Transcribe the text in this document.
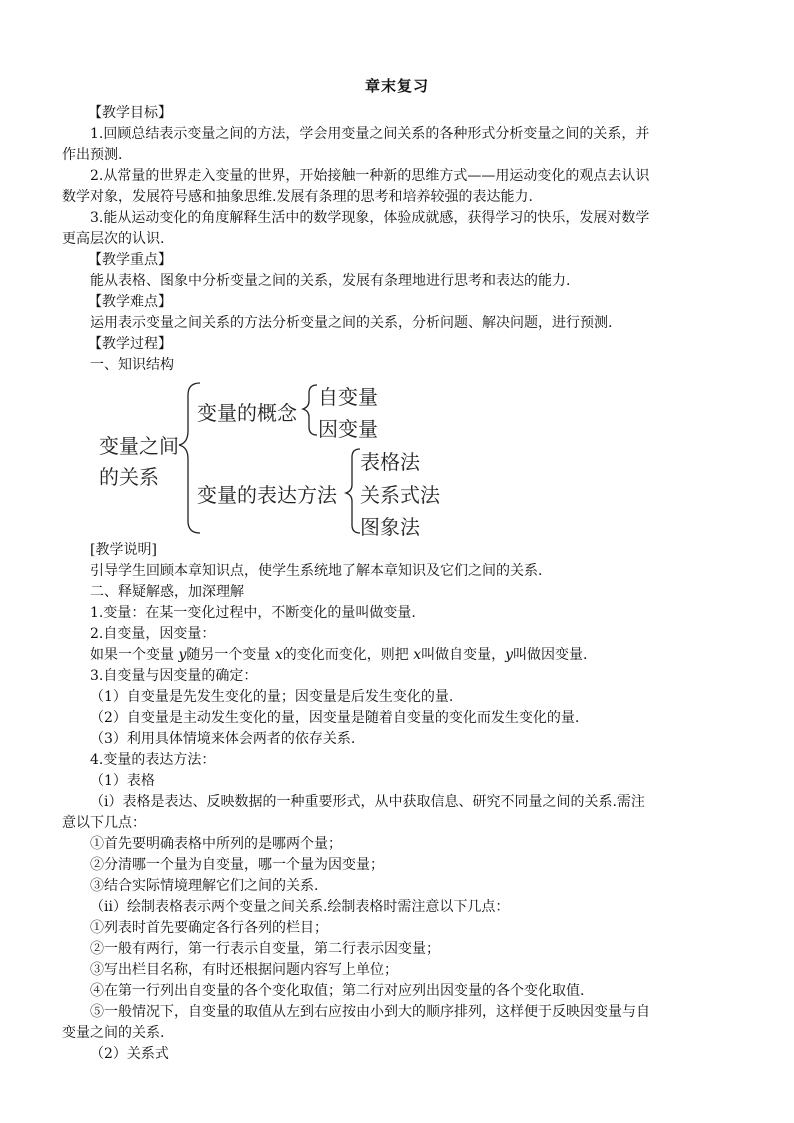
章末复习
【教学目标】
1.回顾总结表示变量之间的方法，学会用变量之间关系的各种形式分析变量之间的关系，并
作出预测.
2.从常量的世界走入变量的世界，开始接触一种新的思维方式——用运动变化的观点去认识
数学对象，发展符号感和抽象思维.发展有条理的思考和培养较强的表达能力.
3.能从运动变化的角度解释生活中的数学现象，体验成就感，获得学习的快乐，发展对数学
更高层次的认识.
【教学重点】
能从表格、图象中分析变量之间的关系，发展有条理地进行思考和表达的能力.
【教学难点】
运用表示变量之间关系的方法分析变量之间的关系，分析问题、解决问题，进行预测.
【教学过程】
一、知识结构
变量之间
的关系
变量的概念
自变量
因变量
变量的表达方法
表格法
关系式法
图象法
[教学说明]
引导学生回顾本章知识点，使学生系统地了解本章知识及它们之间的关系.
二、释疑解惑，加深理解
1.变量：在某一变化过程中，不断变化的量叫做变量.
2.自变量，因变量：
如果一个变量 y随另一个变量 x的变化而变化，则把 x叫做自变量，y叫做因变量.
3.自变量与因变量的确定：
（1）自变量是先发生变化的量；因变量是后发生变化的量.
（2）自变量是主动发生变化的量，因变量是随着自变量的变化而发生变化的量.
（3）利用具体情境来体会两者的依存关系.
4.变量的表达方法：
（1）表格
（ⅰ）表格是表达、反映数据的一种重要形式，从中获取信息、研究不同量之间的关系.需注
意以下几点：
①首先要明确表格中所列的是哪两个量；
②分清哪一个量为自变量，哪一个量为因变量；
③结合实际情境理解它们之间的关系.
（ⅱ）绘制表格表示两个变量之间关系.绘制表格时需注意以下几点：
①列表时首先要确定各行各列的栏目；
②一般有两行，第一行表示自变量，第二行表示因变量；
③写出栏目名称，有时还根据问题内容写上单位；
④在第一行列出自变量的各个变化取值；第二行对应列出因变量的各个变化取值.
⑤一般情况下，自变量的取值从左到右应按由小到大的顺序排列，这样便于反映因变量与自
变量之间的关系.
（2）关系式
